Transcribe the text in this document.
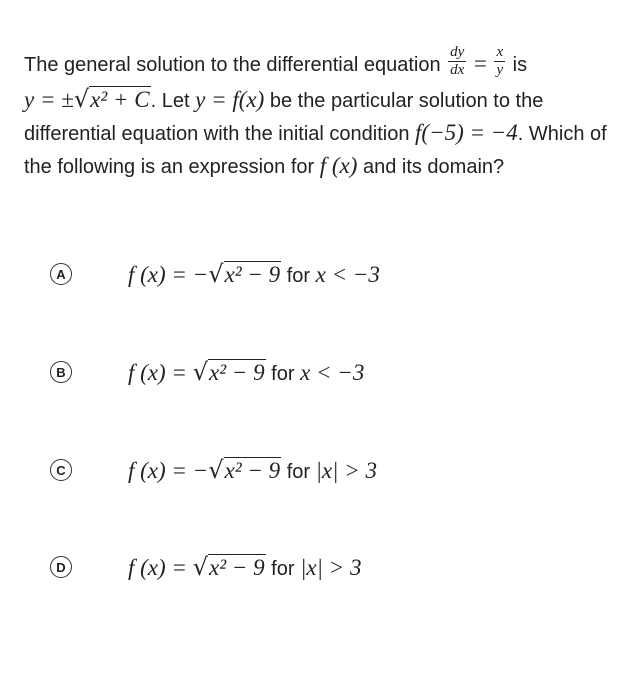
The general solution to the differential equation $\frac{dy}{dx} = \frac{x}{y}$ is y = ±√x² + C. Let y = f(x) be the particular solution to the differential equation with the initial condition f(−5) = −4. Which of the following is an expression for f (x) and its domain?
A	f (x) = −√x² − 9 for x < −3
B	f (x) = √x² − 9 for x < −3
C	f (x) = −√x² − 9 for |x| > 3
D	f (x) = √x² − 9 for |x| > 3
